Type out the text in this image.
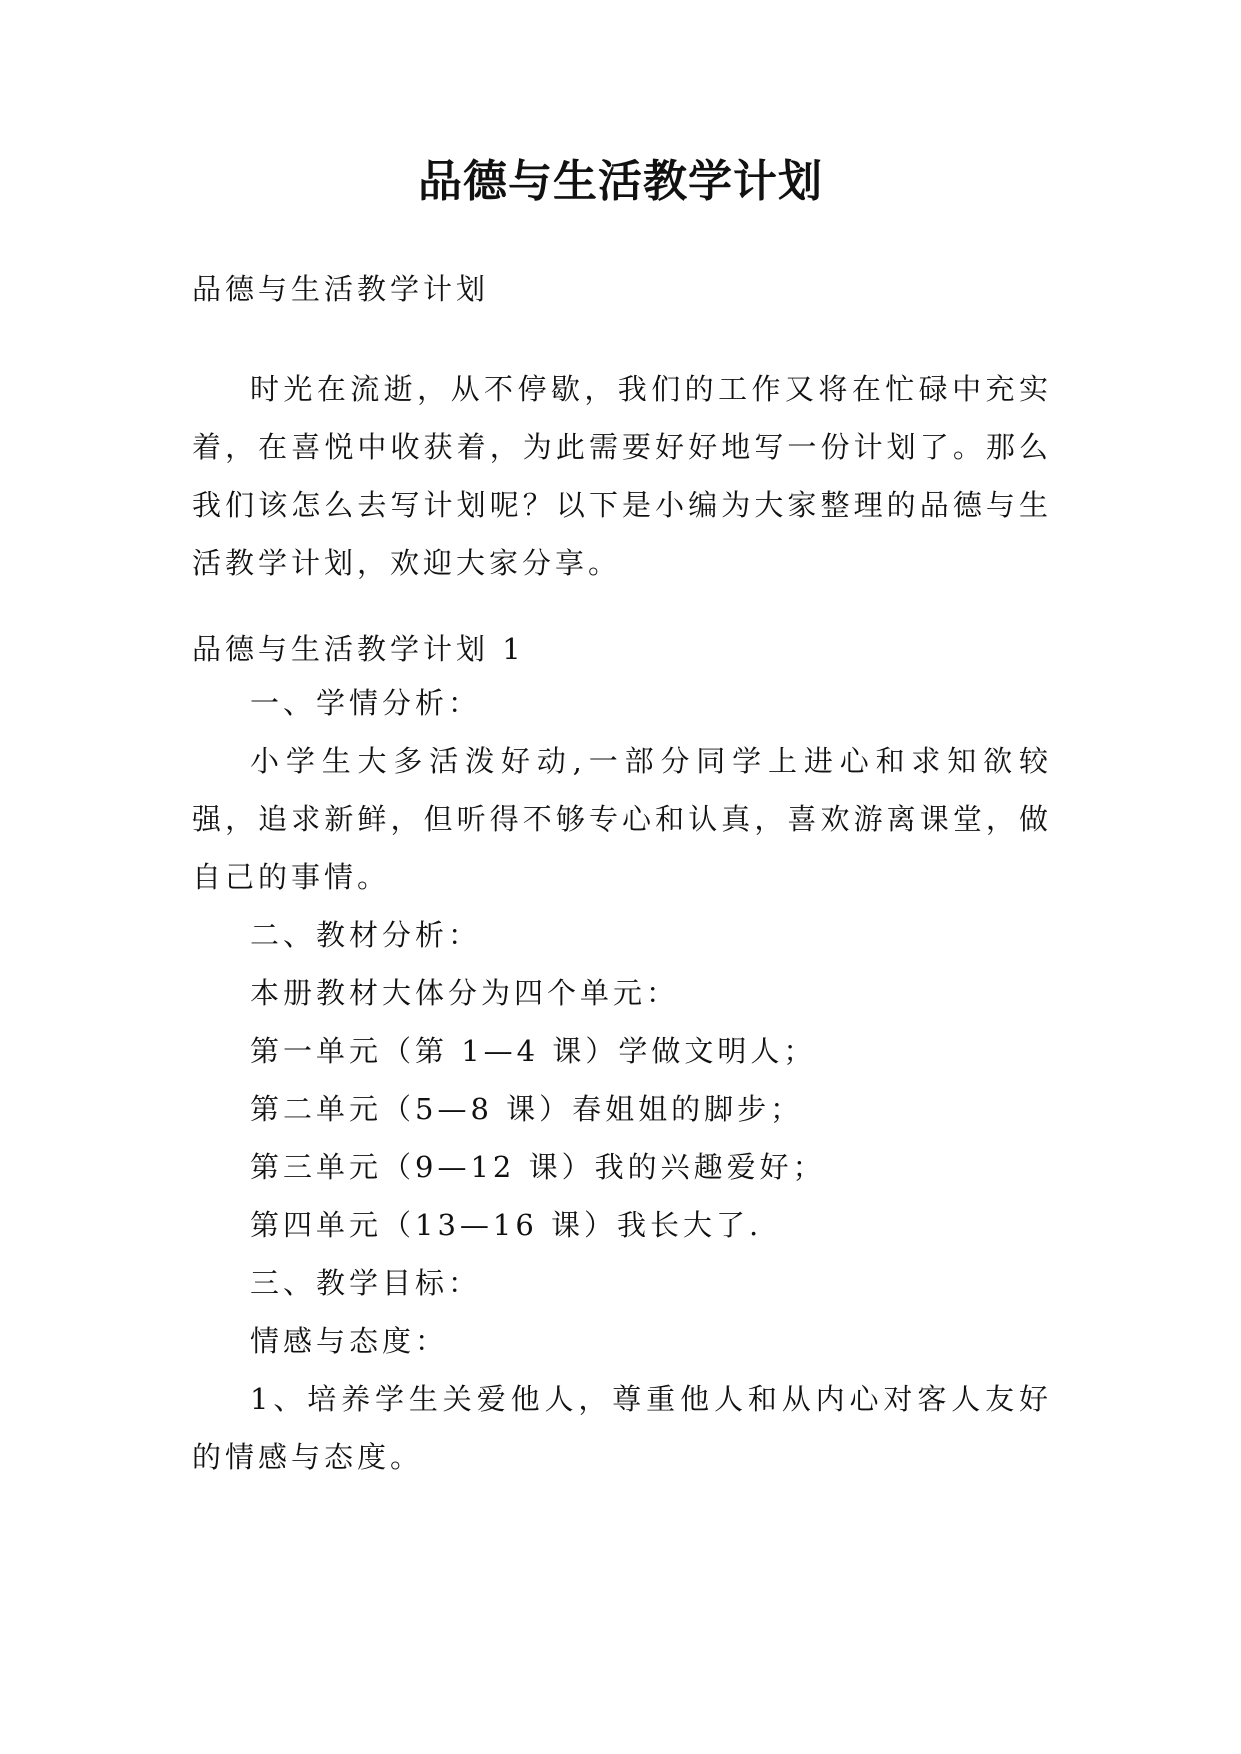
品德与生活教学计划

品德与生活教学计划

时光在流逝，从不停歇，我们的工作又将在忙碌中充实着，在喜悦中收获着，为此需要好好地写一份计划了。那么我们该怎么去写计划呢？以下是小编为大家整理的品德与生活教学计划，欢迎大家分享。

品德与生活教学计划 1

一、学情分析：

小学生大多活泼好动,一部分同学上进心和求知欲较强，追求新鲜，但听得不够专心和认真，喜欢游离课堂，做自己的事情。

二、教材分析：

本册教材大体分为四个单元：

第一单元（第 1—4 课）学做文明人；

第二单元（5—8 课）春姐姐的脚步；

第三单元（9—12 课）我的兴趣爱好；

第四单元（13—16 课）我长大了.

三、教学目标：

情感与态度：

1、培养学生关爱他人，尊重他人和从内心对客人友好的情感与态度。
